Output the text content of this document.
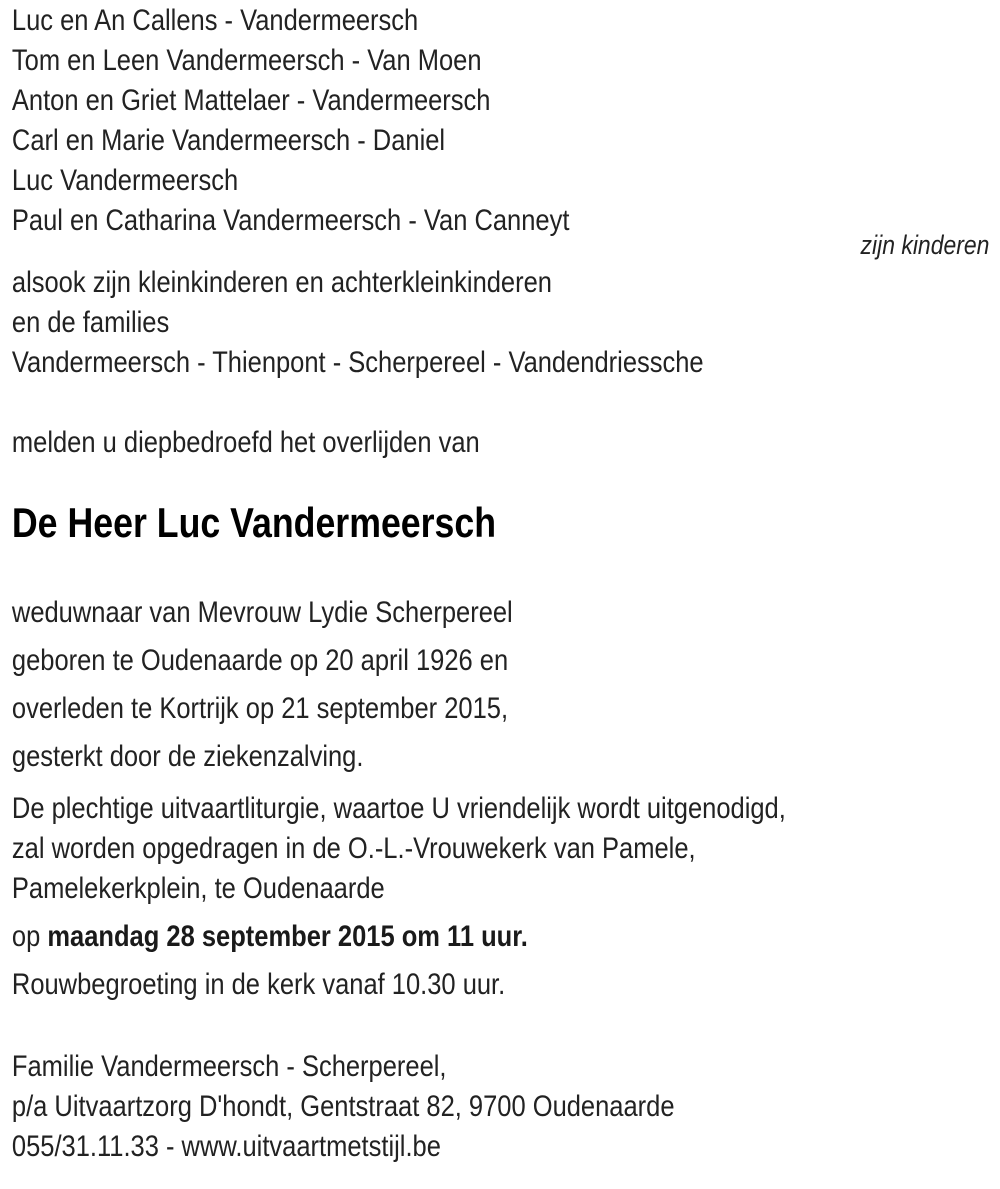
Luc en An Callens - Vandermeersch

Tom en Leen Vandermeersch - Van Moen

Anton en Griet Mattelaer - Vandermeersch

Carl en Marie Vandermeersch - Daniel

Luc Vandermeersch

Paul en Catharina Vandermeersch - Van Canneyt

zijn kinderen

alsook zijn kleinkinderen en achterkleinkinderen

en de families

Vandermeersch - Thienpont - Scherpereel - Vandendriessche

melden u diepbedroefd het overlijden van

De Heer Luc Vandermeersch

weduwnaar van Mevrouw Lydie Scherpereel

geboren te Oudenaarde op 20 april 1926 en

overleden te Kortrijk op 21 september 2015,

gesterkt door de ziekenzalving.

De plechtige uitvaartliturgie, waartoe U vriendelijk wordt uitgenodigd,

zal worden opgedragen in de O.-L.-Vrouwekerk van Pamele,

Pamelekerkplein, te Oudenaarde

op maandag 28 september 2015 om 11 uur.

Rouwbegroeting in de kerk vanaf 10.30 uur.

Familie Vandermeersch - Scherpereel,

p/a Uitvaartzorg D'hondt, Gentstraat 82, 9700 Oudenaarde

055/31.11.33 - www.uitvaartmetstijl.be
